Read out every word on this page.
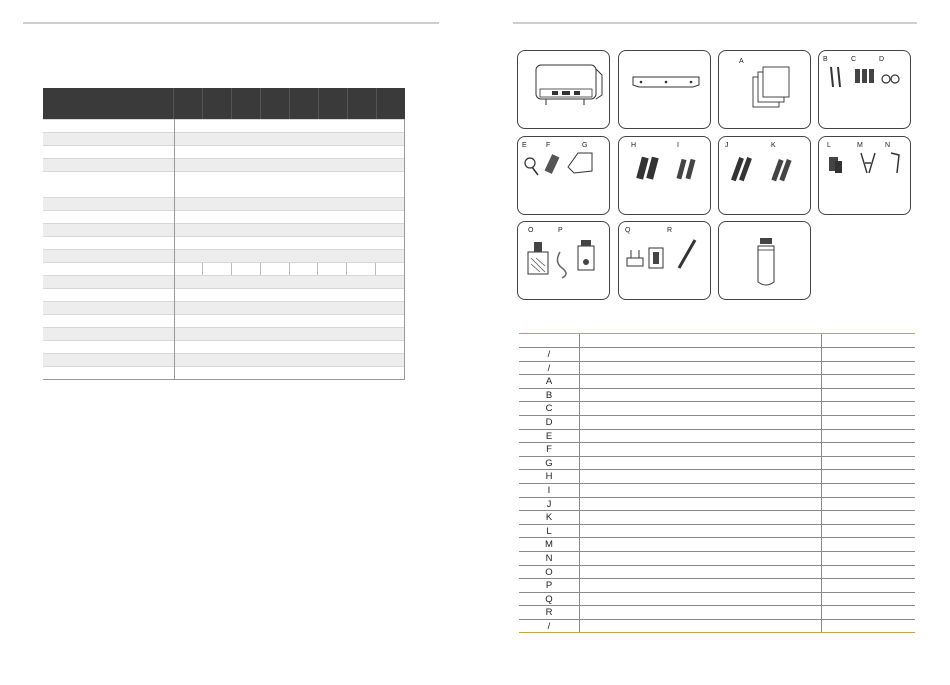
A	B	C	D
E	F	G	H	I	J	K	L	M	N
O	P	Q	R
/
/
A
B
C
D
E
F
G
H
I
J
K
L
M
N
O
P
Q
R
/
